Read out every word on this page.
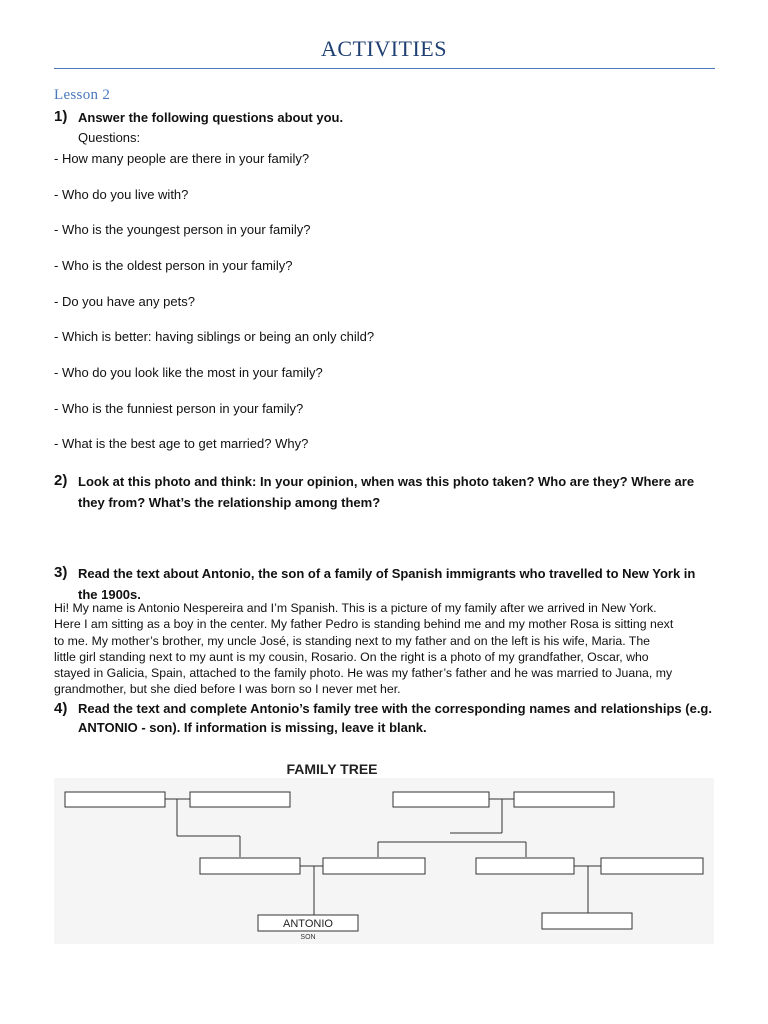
ACTIVITIES
Lesson 2
1) Answer the following questions about you.
Questions:
- How many people are there in your family?
- Who do you live with?
- Who is the youngest person in your family?
- Who is the oldest person in your family?
- Do you have any pets?
- Which is better: having siblings or being an only child?
- Who do you look like the most in your family?
- Who is the funniest person in your family?
- What is the best age to get married? Why?
2) Look at this photo and think: In your opinion, when was this photo taken? Who are they? Where are they from? What’s the relationship among them?
3) Read the text about Antonio, the son of a family of Spanish immigrants who travelled to New York in the 1900s.
Hi! My name is Antonio Nespereira and I’m Spanish. This is a picture of my family after we arrived in New York.
Here I am sitting as a boy in the center. My father Pedro is standing behind me and my mother Rosa is sitting next
to me. My mother’s brother, my uncle José, is standing next to my father and on the left is his wife, Maria. The
little girl standing next to my aunt is my cousin, Rosario. On the right is a photo of my grandfather, Oscar, who
stayed in Galicia, Spain, attached to the family photo. He was my father’s father and he was married to Juana, my
grandmother, but she died before I was born so I never met her.
4) Read the text and complete Antonio’s family tree with the corresponding names and relationships (e.g. ANTONIO - son). If information is missing, leave it blank.
FAMILY TREE
ANTONIO
SON
